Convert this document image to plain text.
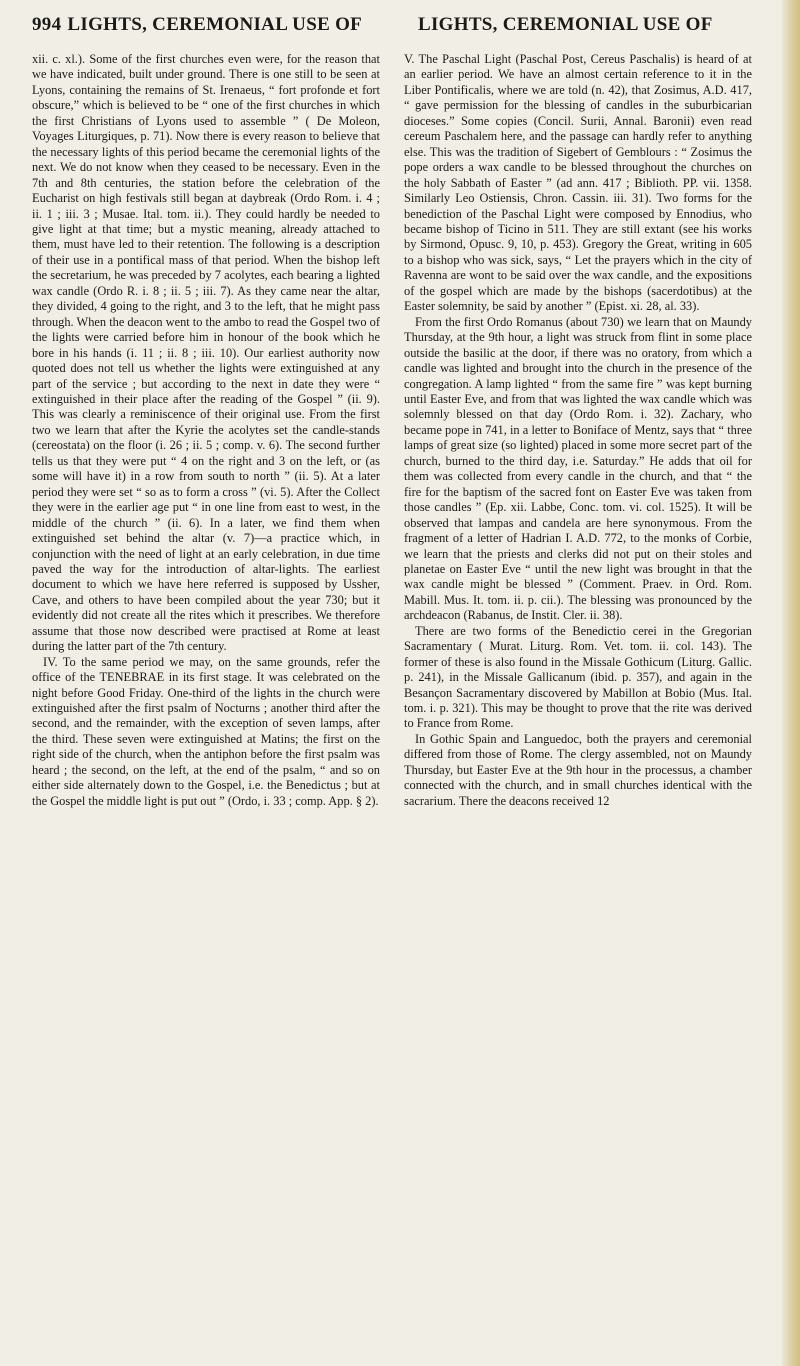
994 LIGHTS, CEREMONIAL USE OF	LIGHTS, CEREMONIAL USE OF

xii. c. xl.). Some of the first churches even were, for the reason that we have indicated, built under ground. There is one still to be seen at Lyons, containing the remains of St. Irenaeus, “ fort profonde et fort obscure,” which is believed to be “ one of the first churches in which the first Christians of Lyons used to assemble ” ( De Moleon, Voyages Liturgiques, p. 71). Now there is every reason to believe that the necessary lights of this period became the ceremonial lights of the next. We do not know when they ceased to be necessary. Even in the 7th and 8th centuries, the station before the celebration of the Eucharist on high festivals still began at daybreak (Ordo Rom. i. 4 ; ii. 1 ; iii. 3 ; Musae. Ital. tom. ii.). They could hardly be needed to give light at that time; but a mystic meaning, already attached to them, must have led to their retention. The following is a description of their use in a pontifical mass of that period. When the bishop left the secretarium, he was preceded by 7 acolytes, each bearing a lighted wax candle (Ordo R. i. 8 ; ii. 5 ; iii. 7). As they came near the altar, they divided, 4 going to the right, and 3 to the left, that he might pass through. When the deacon went to the ambo to read the Gospel two of the lights were carried before him in honour of the book which he bore in his hands (i. 11 ; ii. 8 ; iii. 10). Our earliest authority now quoted does not tell us whether the lights were extinguished at any part of the service ; but according to the next in date they were “ extinguished in their place after the reading of the Gospel ” (ii. 9). This was clearly a reminiscence of their original use. From the first two we learn that after the Kyrie the acolytes set the candle-stands (cereostata) on the floor (i. 26 ; ii. 5 ; comp. v. 6). The second further tells us that they were put “ 4 on the right and 3 on the left, or (as some will have it) in a row from south to north ” (ii. 5). At a later period they were set “ so as to form a cross ” (vi. 5). After the Collect they were in the earlier age put “ in one line from east to west, in the middle of the church ” (ii. 6). In a later, we find them when extinguished set behind the altar (v. 7)—a practice which, in conjunction with the need of light at an early celebration, in due time paved the way for the introduction of altar-lights. The earliest document to which we have here referred is supposed by Ussher, Cave, and others to have been compiled about the year 730; but it evidently did not create all the rites which it prescribes. We therefore assume that those now described were practised at Rome at least during the latter part of the 7th century.

IV. To the same period we may, on the same grounds, refer the office of the TENEBRAE in its first stage. It was celebrated on the night before Good Friday. One-third of the lights in the church were extinguished after the first psalm of Nocturns ; another third after the second, and the remainder, with the exception of seven lamps, after the third. These seven were extinguished at Matins; the first on the right side of the church, when the antiphon before the first psalm was heard ; the second, on the left, at the end of the psalm, “ and so on either side alternately down to the Gospel, i.e. the Benedictus ; but at the Gospel the middle light is put out ” (Ordo, i. 33 ; comp. App. § 2).

V. The Paschal Light (Paschal Post, Cereus Paschalis) is heard of at an earlier period. We have an almost certain reference to it in the Liber Pontificalis, where we are told (n. 42), that Zosimus, A.D. 417, “ gave permission for the blessing of candles in the suburbicarian dioceses.” Some copies (Concil. Surii, Annal. Baronii) even read cereum Paschalem here, and the passage can hardly refer to anything else. This was the tradition of Sigebert of Gemblours : “ Zosimus the pope orders a wax candle to be blessed throughout the churches on the holy Sabbath of Easter ” (ad ann. 417 ; Biblioth. PP. vii. 1358. Similarly Leo Ostiensis, Chron. Cassin. iii. 31). Two forms for the benediction of the Paschal Light were composed by Ennodius, who became bishop of Ticino in 511. They are still extant (see his works by Sirmond, Opusc. 9, 10, p. 453). Gregory the Great, writing in 605 to a bishop who was sick, says, “ Let the prayers which in the city of Ravenna are wont to be said over the wax candle, and the expositions of the gospel which are made by the bishops (sacerdotibus) at the Easter solemnity, be said by another ” (Epist. xi. 28, al. 33).

From the first Ordo Romanus (about 730) we learn that on Maundy Thursday, at the 9th hour, a light was struck from flint in some place outside the basilic at the door, if there was no oratory, from which a candle was lighted and brought into the church in the presence of the congregation. A lamp lighted “ from the same fire ” was kept burning until Easter Eve, and from that was lighted the wax candle which was solemnly blessed on that day (Ordo Rom. i. 32). Zachary, who became pope in 741, in a letter to Boniface of Mentz, says that “ three lamps of great size (so lighted) placed in some more secret part of the church, burned to the third day, i.e. Saturday.” He adds that oil for them was collected from every candle in the church, and that “ the fire for the baptism of the sacred font on Easter Eve was taken from those candles ” (Ep. xii. Labbe, Conc. tom. vi. col. 1525). It will be observed that lampas and candela are here synonymous. From the fragment of a letter of Hadrian I. A.D. 772, to the monks of Corbie, we learn that the priests and clerks did not put on their stoles and planetae on Easter Eve “ until the new light was brought in that the wax candle might be blessed ” (Comment. Praev. in Ord. Rom. Mabill. Mus. It. tom. ii. p. cii.). The blessing was pronounced by the archdeacon (Rabanus, de Instit. Cler. ii. 38).

There are two forms of the Benedictio cerei in the Gregorian Sacramentary ( Murat. Liturg. Rom. Vet. tom. ii. col. 143). The former of these is also found in the Missale Gothicum (Liturg. Gallic. p. 241), in the Missale Gallicanum (ibid. p. 357), and again in the Besançon Sacramentary discovered by Mabillon at Bobio (Mus. Ital. tom. i. p. 321). This may be thought to prove that the rite was derived to France from Rome.

In Gothic Spain and Languedoc, both the prayers and ceremonial differed from those of Rome. The clergy assembled, not on Maundy Thursday, but Easter Eve at the 9th hour in the processus, a chamber connected with the church, and in small churches identical with the sacrarium. There the deacons received 12
